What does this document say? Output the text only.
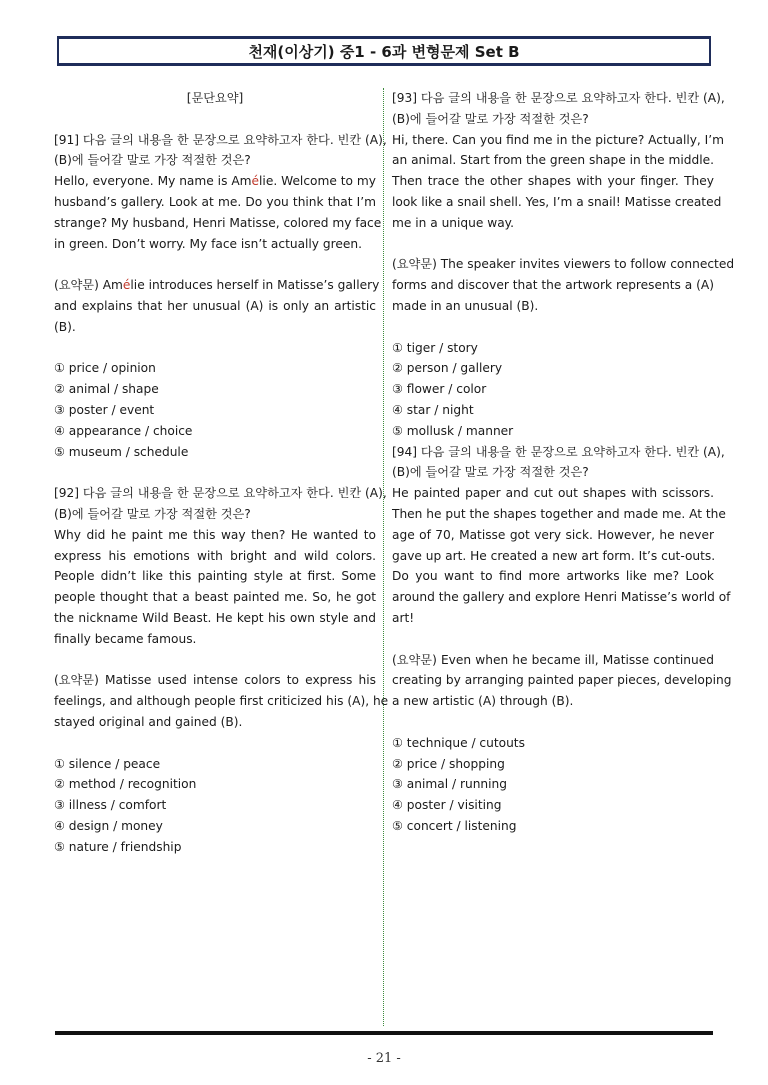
천재(이상기) 중1 - 6과 변형문제 Set B
[문단요약]
[91] 다음 글의 내용을 한 문장으로 요약하고자 한다. 빈칸 (A),
(B)에 들어갈 말로 가장 적절한 것은?
Hello, everyone. My name is Amélie. Welcome to my
husband’s gallery. Look at me. Do you think that I’m
strange? My husband, Henri Matisse, colored my face
in green. Don’t worry. My face isn’t actually green.
(요약문) Amélie introduces herself in Matisse’s gallery
and explains that her unusual (A) is only an artistic
(B).
① price / opinion
② animal / shape
③ poster / event
④ appearance / choice
⑤ museum / schedule
[92] 다음 글의 내용을 한 문장으로 요약하고자 한다. 빈칸 (A),
(B)에 들어갈 말로 가장 적절한 것은?
Why did he paint me this way then? He wanted to
express his emotions with bright and wild colors.
People didn’t like this painting style at first. Some
people thought that a beast painted me. So, he got
the nickname Wild Beast. He kept his own style and
finally became famous.
(요약문) Matisse used intense colors to express his
feelings, and although people first criticized his (A), he
stayed original and gained (B).
① silence / peace
② method / recognition
③ illness / comfort
④ design / money
⑤ nature / friendship
[93] 다음 글의 내용을 한 문장으로 요약하고자 한다. 빈칸 (A),
(B)에 들어갈 말로 가장 적절한 것은?
Hi, there. Can you find me in the picture? Actually, I’m
an animal. Start from the green shape in the middle.
Then trace the other shapes with your finger. They
look like a snail shell. Yes, I’m a snail! Matisse created
me in a unique way.
(요약문) The speaker invites viewers to follow connected
forms and discover that the artwork represents a (A)
made in an unusual (B).
① tiger / story
② person / gallery
③ flower / color
④ star / night
⑤ mollusk / manner
[94] 다음 글의 내용을 한 문장으로 요약하고자 한다. 빈칸 (A),
(B)에 들어갈 말로 가장 적절한 것은?
He painted paper and cut out shapes with scissors.
Then he put the shapes together and made me. At the
age of 70, Matisse got very sick. However, he never
gave up art. He created a new art form. It’s cut-outs.
Do you want to find more artworks like me? Look
around the gallery and explore Henri Matisse’s world of
art!
(요약문) Even when he became ill, Matisse continued
creating by arranging painted paper pieces, developing
a new artistic (A) through (B).
① technique / cutouts
② price / shopping
③ animal / running
④ poster / visiting
⑤ concert / listening
- 21 -
